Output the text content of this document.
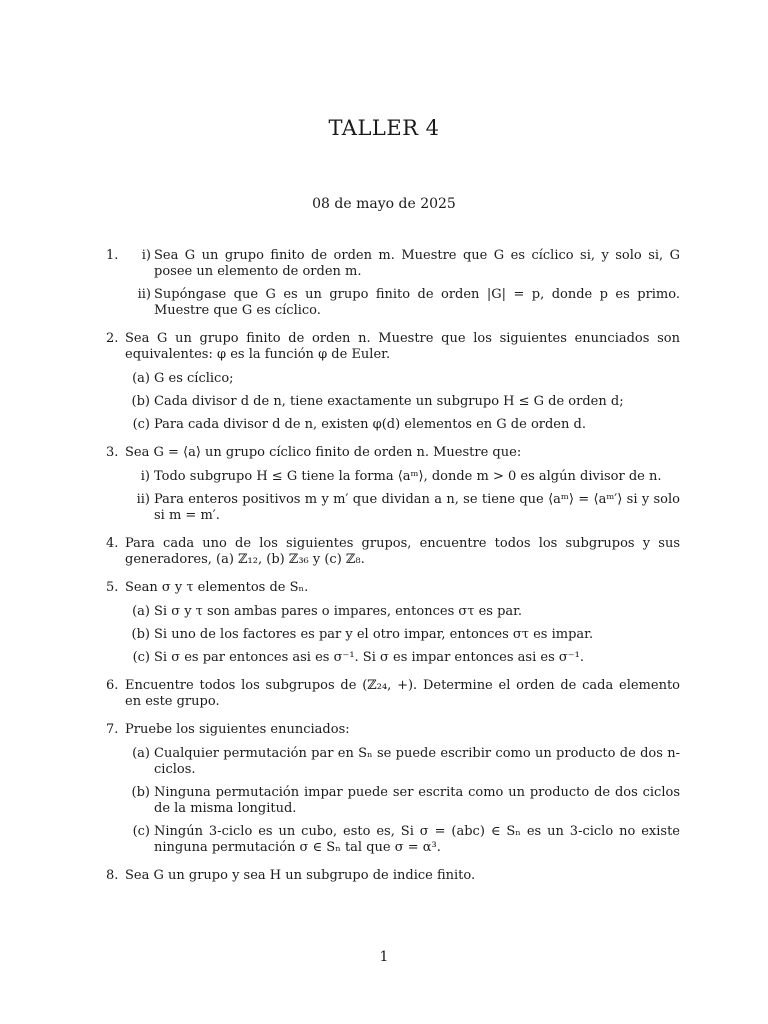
TALLER 4

08 de mayo de 2025

1.	i) Sea G un grupo finito de orden m. Muestre que G es cíclico si, y solo si, G posee un elemento de orden m.
ii) Supóngase que G es un grupo finito de orden |G| = p, donde p es primo. Muestre que G es cíclico.
2. Sea G un grupo finito de orden n. Muestre que los siguientes enunciados son equivalentes: φ es la función φ de Euler.
(a) G es cíclico;
(b) Cada divisor d de n, tiene exactamente un subgrupo H ≤ G de orden d;
(c) Para cada divisor d de n, existen φ(d) elementos en G de orden d.
3. Sea G = ⟨a⟩ un grupo cíclico finito de orden n. Muestre que:
i) Todo subgrupo H ≤ G tiene la forma ⟨aᵐ⟩, donde m > 0 es algún divisor de n.
ii) Para enteros positivos m y m′ que dividan a n, se tiene que ⟨aᵐ⟩ = ⟨aᵐ′⟩ si y solo si m = m′.
4. Para cada uno de los siguientes grupos, encuentre todos los subgrupos y sus generadores, (a) ℤ₁₂, (b) ℤ₃₆ y (c) ℤ₈.
5. Sean σ y τ elementos de Sₙ.
(a) Si σ y τ son ambas pares o impares, entonces στ es par.
(b) Si uno de los factores es par y el otro impar, entonces στ es impar.
(c) Si σ es par entonces asi es σ⁻¹. Si σ es impar entonces asi es σ⁻¹.
6. Encuentre todos los subgrupos de (ℤ₂₄, +). Determine el orden de cada elemento en este grupo.
7. Pruebe los siguientes enunciados:
(a) Cualquier permutación par en Sₙ se puede escribir como un producto de dos n-ciclos.
(b) Ninguna permutación impar puede ser escrita como un producto de dos ciclos de la misma longitud.
(c) Ningún 3-ciclo es un cubo, esto es, Si σ = (abc) ∈ Sₙ es un 3-ciclo no existe ninguna permutación σ ∈ Sₙ tal que σ = α³.
8. Sea G un grupo y sea H un subgrupo de indice finito.

1
